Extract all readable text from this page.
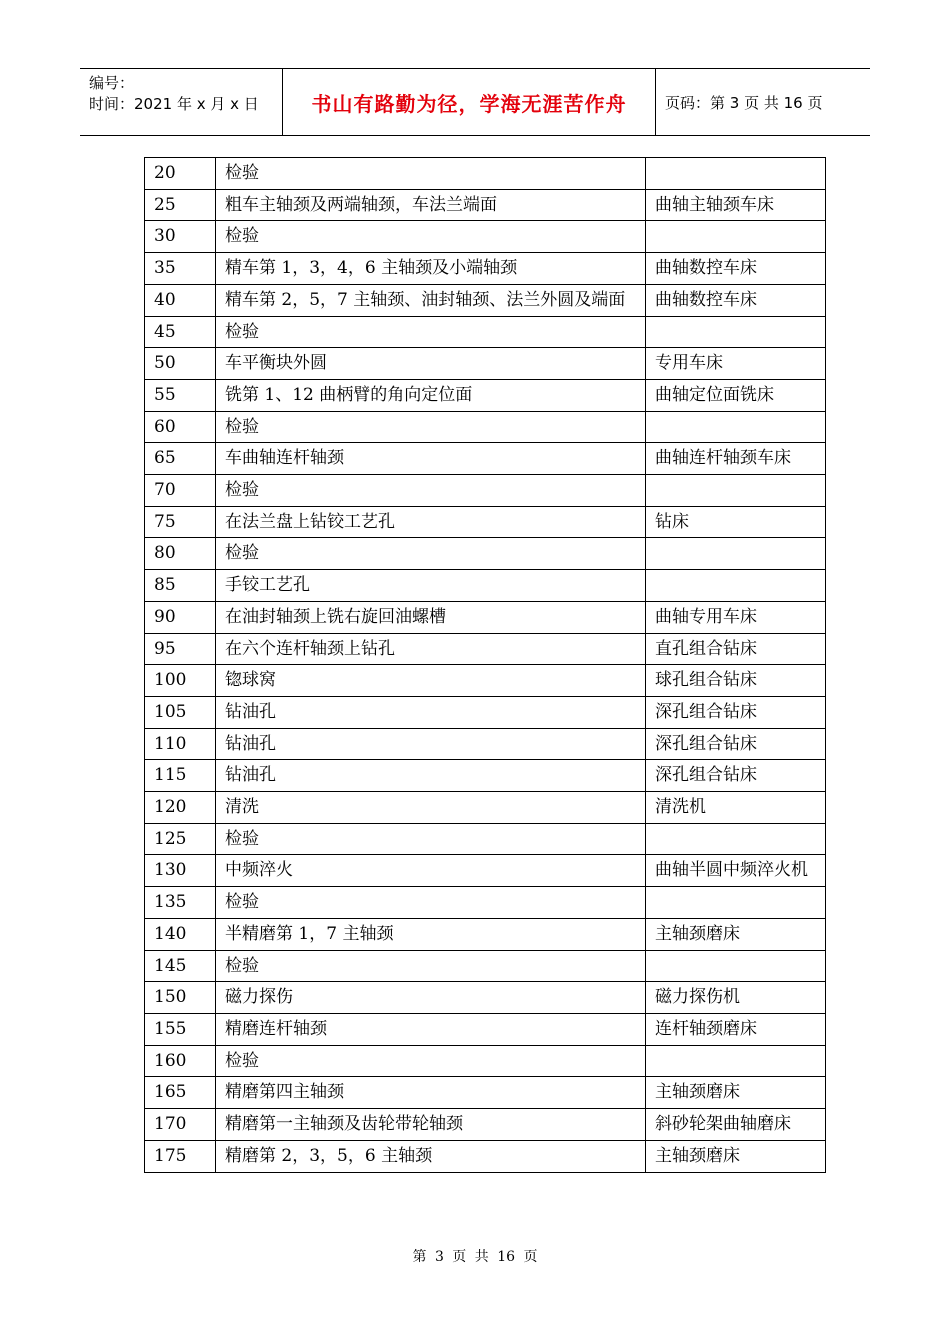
编号：
时间：2021 年 x 月 x 日	书山有路勤为径，学海无涯苦作舟	页码：第 3 页 共 16 页
20	检验	
25	粗车主轴颈及两端轴颈，车法兰端面	曲轴主轴颈车床
30	检验	
35	精车第 1，3，4，6 主轴颈及小端轴颈	曲轴数控车床
40	精车第 2，5，7 主轴颈、油封轴颈、法兰外圆及端面	曲轴数控车床
45	检验	
50	车平衡块外圆	专用车床
55	铣第 1、12 曲柄臂的角向定位面	曲轴定位面铣床
60	检验	
65	车曲轴连杆轴颈	曲轴连杆轴颈车床
70	检验	
75	在法兰盘上钻铰工艺孔	钻床
80	检验	
85	手铰工艺孔	
90	在油封轴颈上铣右旋回油螺槽	曲轴专用车床
95	在六个连杆轴颈上钻孔	直孔组合钻床
100	锪球窝	球孔组合钻床
105	钻油孔	深孔组合钻床
110	钻油孔	深孔组合钻床
115	钻油孔	深孔组合钻床
120	清洗	清洗机
125	检验	
130	中频淬火	曲轴半圆中频淬火机
135	检验	
140	半精磨第 1，7 主轴颈	主轴颈磨床
145	检验	
150	磁力探伤	磁力探伤机
155	精磨连杆轴颈	连杆轴颈磨床
160	检验	
165	精磨第四主轴颈	主轴颈磨床
170	精磨第一主轴颈及齿轮带轮轴颈	斜砂轮架曲轴磨床
175	精磨第 2，3，5，6 主轴颈	主轴颈磨床
第 3 页 共 16 页
